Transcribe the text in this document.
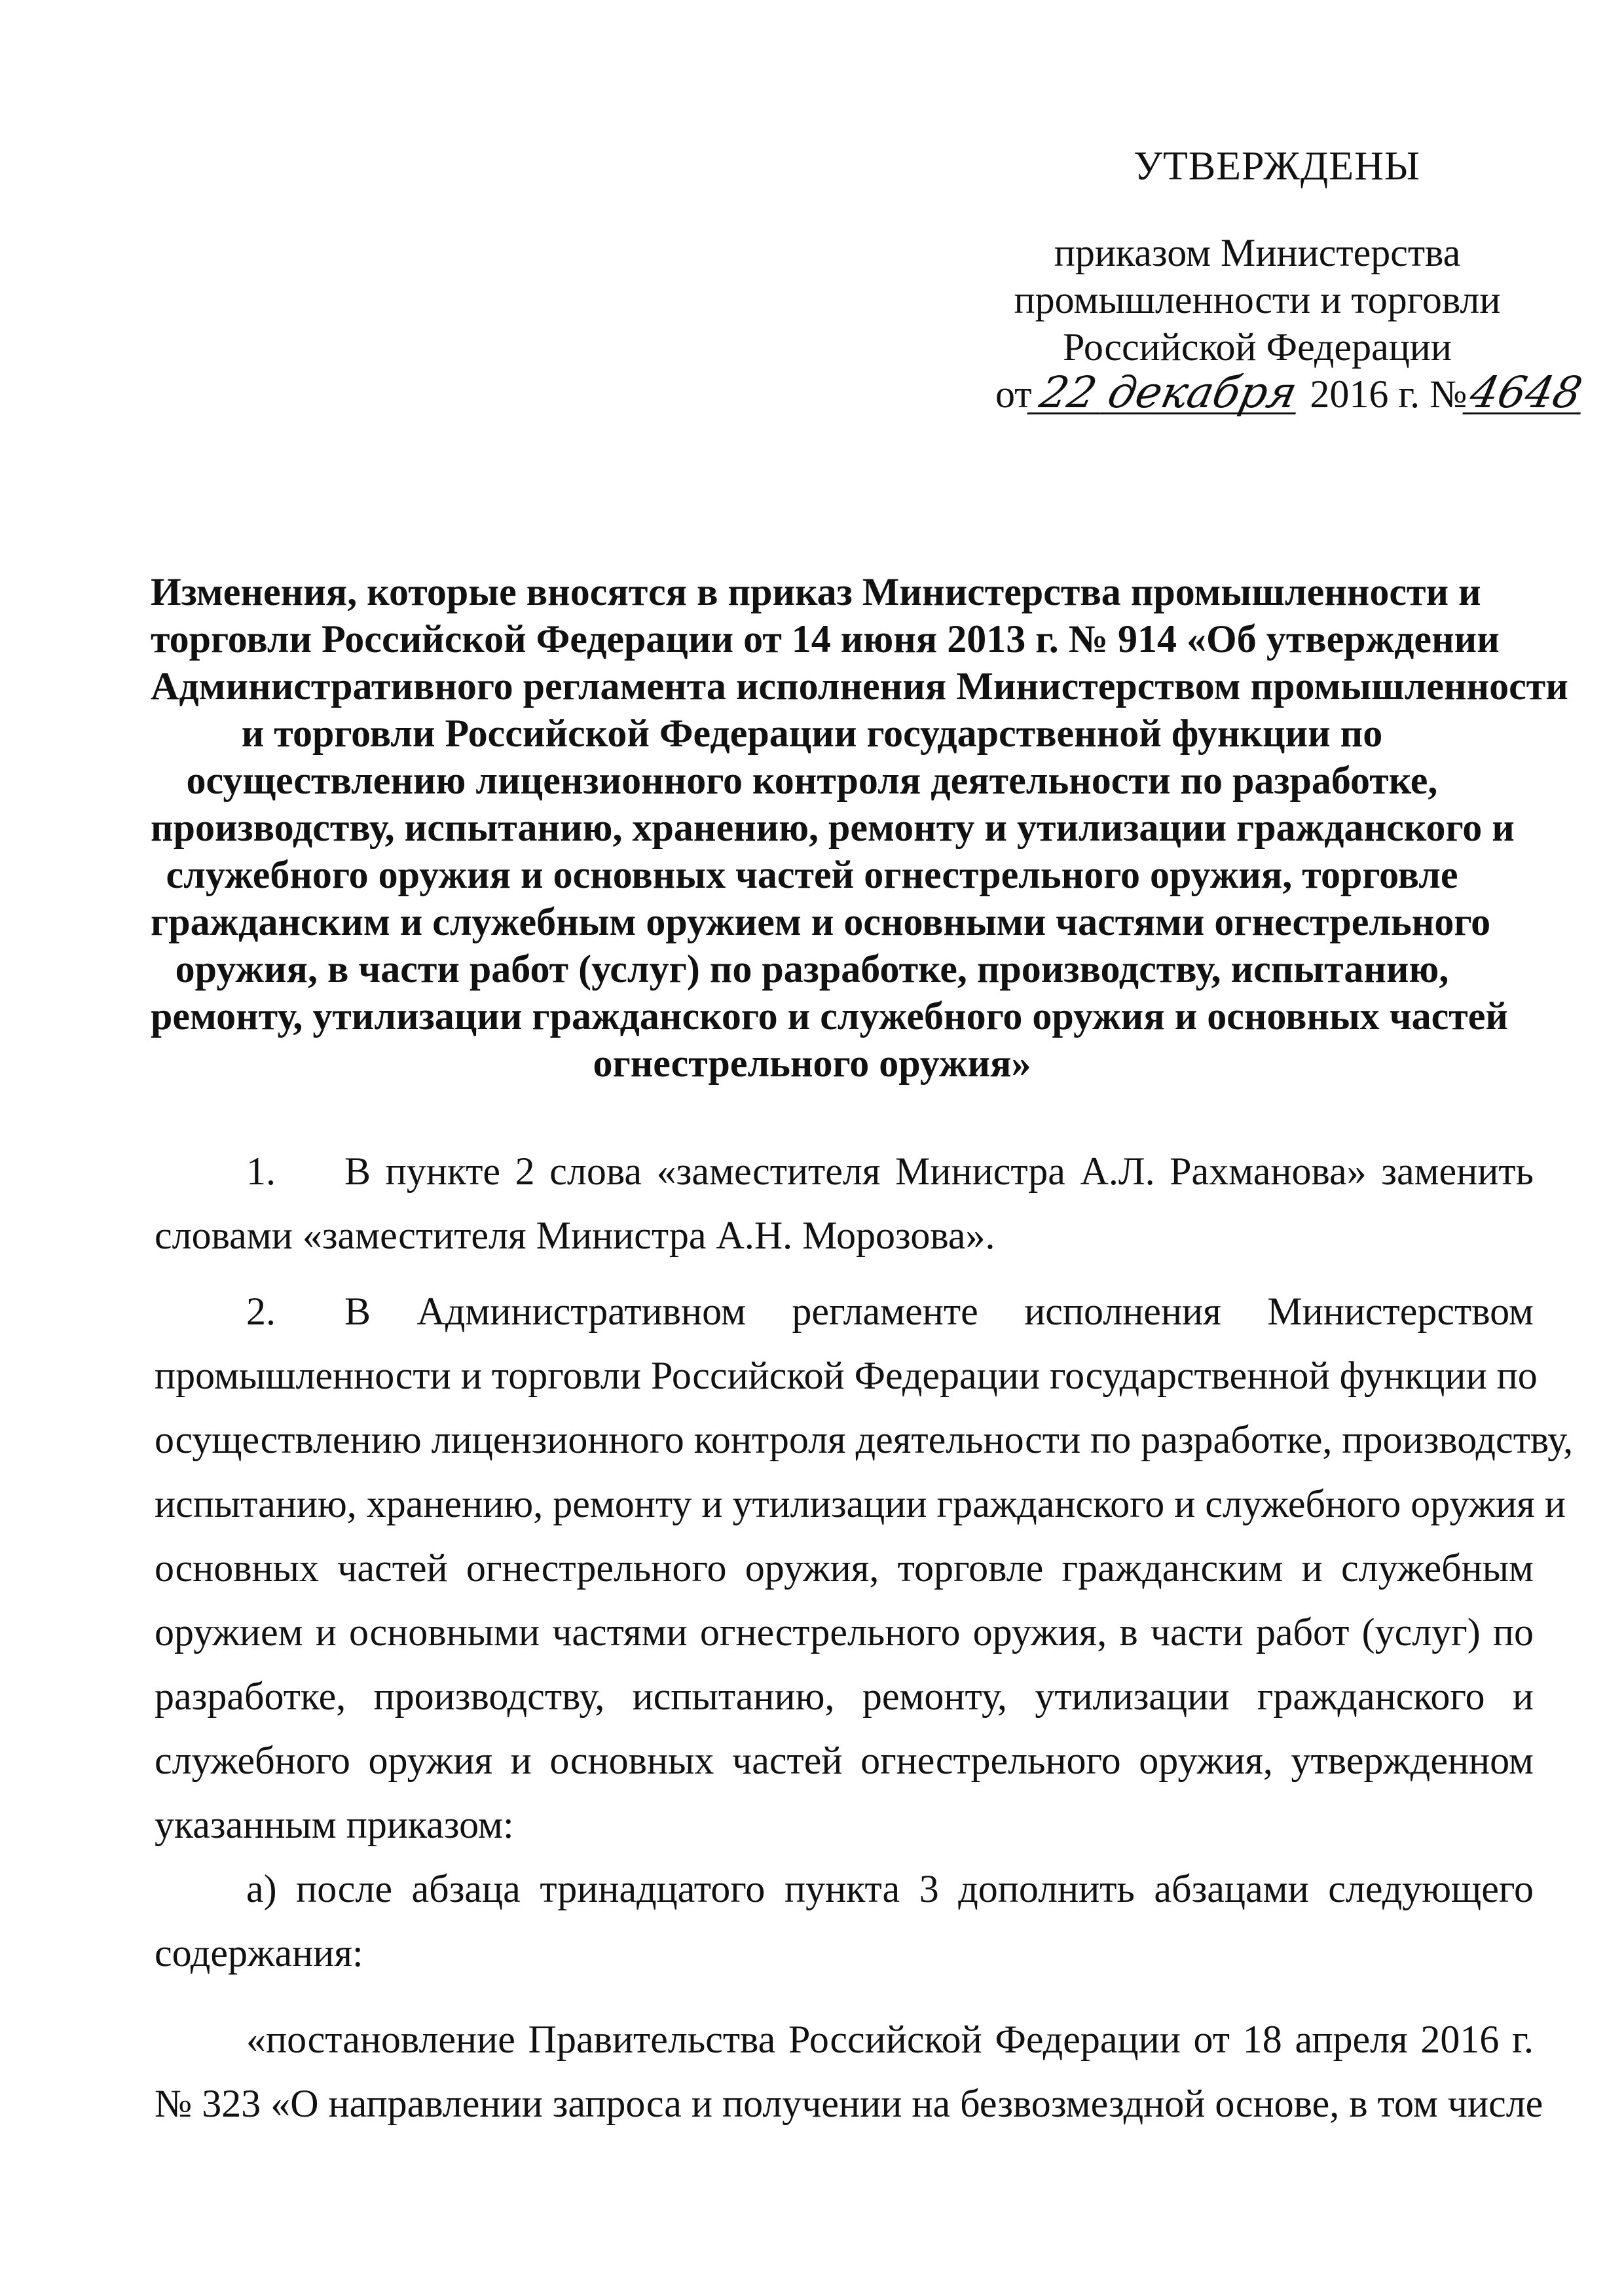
УТВЕРЖДЕНЫ
приказом Министерства
промышленности и торговли
Российской Федерации
от22декабря 2016 г. №4648
Изменения, которые вносятся в приказ Министерства промышленности и
торговли Российской Федерации от 14 июня 2013 г. № 914 «Об утверждении
Административного регламента исполнения Министерством промышленности
и торговли Российской Федерации государственной функции по
осуществлению лицензионного контроля деятельности по разработке,
производству, испытанию, хранению, ремонту и утилизации гражданского и
служебного оружия и основных частей огнестрельного оружия, торговле
гражданским и служебным оружием и основными частями огнестрельного
оружия, в части работ (услуг) по разработке, производству, испытанию,
ремонту, утилизации гражданского и служебного оружия и основных частей
огнестрельного оружия»
1. В пункте 2 слова «заместителя Министра А.Л. Рахманова» заменить
словами «заместителя Министра А.Н. Морозова».
2. В Административном регламенте исполнения Министерством
промышленности и торговли Российской Федерации государственной функции по
осуществлению лицензионного контроля деятельности по разработке, производству,
испытанию, хранению, ремонту и утилизации гражданского и служебного оружия и
основных частей огнестрельного оружия, торговле гражданским и служебным
оружием и основными частями огнестрельного оружия, в части работ (услуг) по
разработке, производству, испытанию, ремонту, утилизации гражданского и
служебного оружия и основных частей огнестрельного оружия, утвержденном
указанным приказом:
а) после абзаца тринадцатого пункта 3 дополнить абзацами следующего
содержания:
«постановление Правительства Российской Федерации от 18 апреля 2016 г.
№ 323 «О направлении запроса и получении на безвозмездной основе, в том числе
